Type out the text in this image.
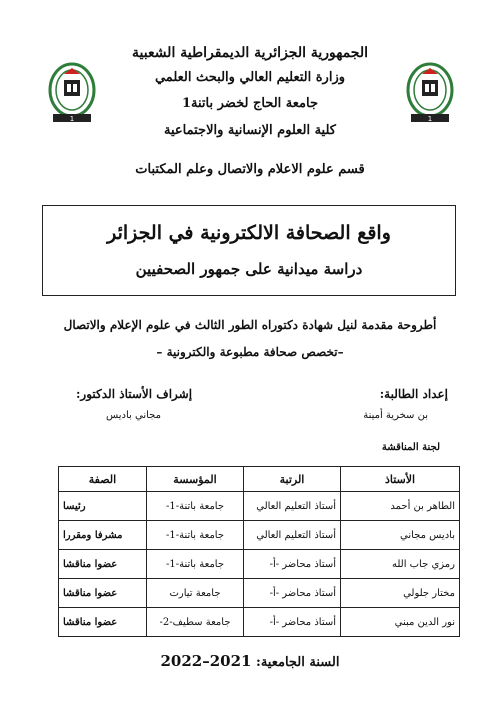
1	1
الجمهورية الجزائرية الديمقراطية الشعبية
وزارة التعليم العالي والبحث العلمي
جامعة الحاج لخضر باتنة1
كلية العلوم الإنسانية والاجتماعية
قسم علوم الاعلام والاتصال وعلم المكتبات
واقع الصحافة الالكترونية في الجزائر
دراسة ميدانية على جمهور الصحفيين
أطروحة مقدمة لنيل شهادة دكتوراه الطور الثالث في علوم الإعلام والاتصال
–تخصص صحافة مطبوعة والكترونية –
إعداد الطالبة:
بن سخرية أمينة
إشراف الأستاذ الدكتور:
مجاني باديس
لجنة المناقشة
الأستاذ	الرتبة	المؤسسة	الصفة
الطاهر بن أحمد	أستاذ التعليم العالي	جامعة باتنة-1-	رئيسا
باديس مجاني	أستاذ التعليم العالي	جامعة باتنة-1-	مشرفا ومقررا
رمزي جاب الله	أستاذ محاضر -أ-	جامعة باتنة-1-	عضوا مناقشا
مختار جلولي	أستاذ محاضر -أ-	جامعة تيارت	عضوا مناقشا
نور الدين مبني	أستاذ محاضر -أ-	جامعة سطيف-2-	عضوا مناقشا
السنة الجامعية: 2021–2022
